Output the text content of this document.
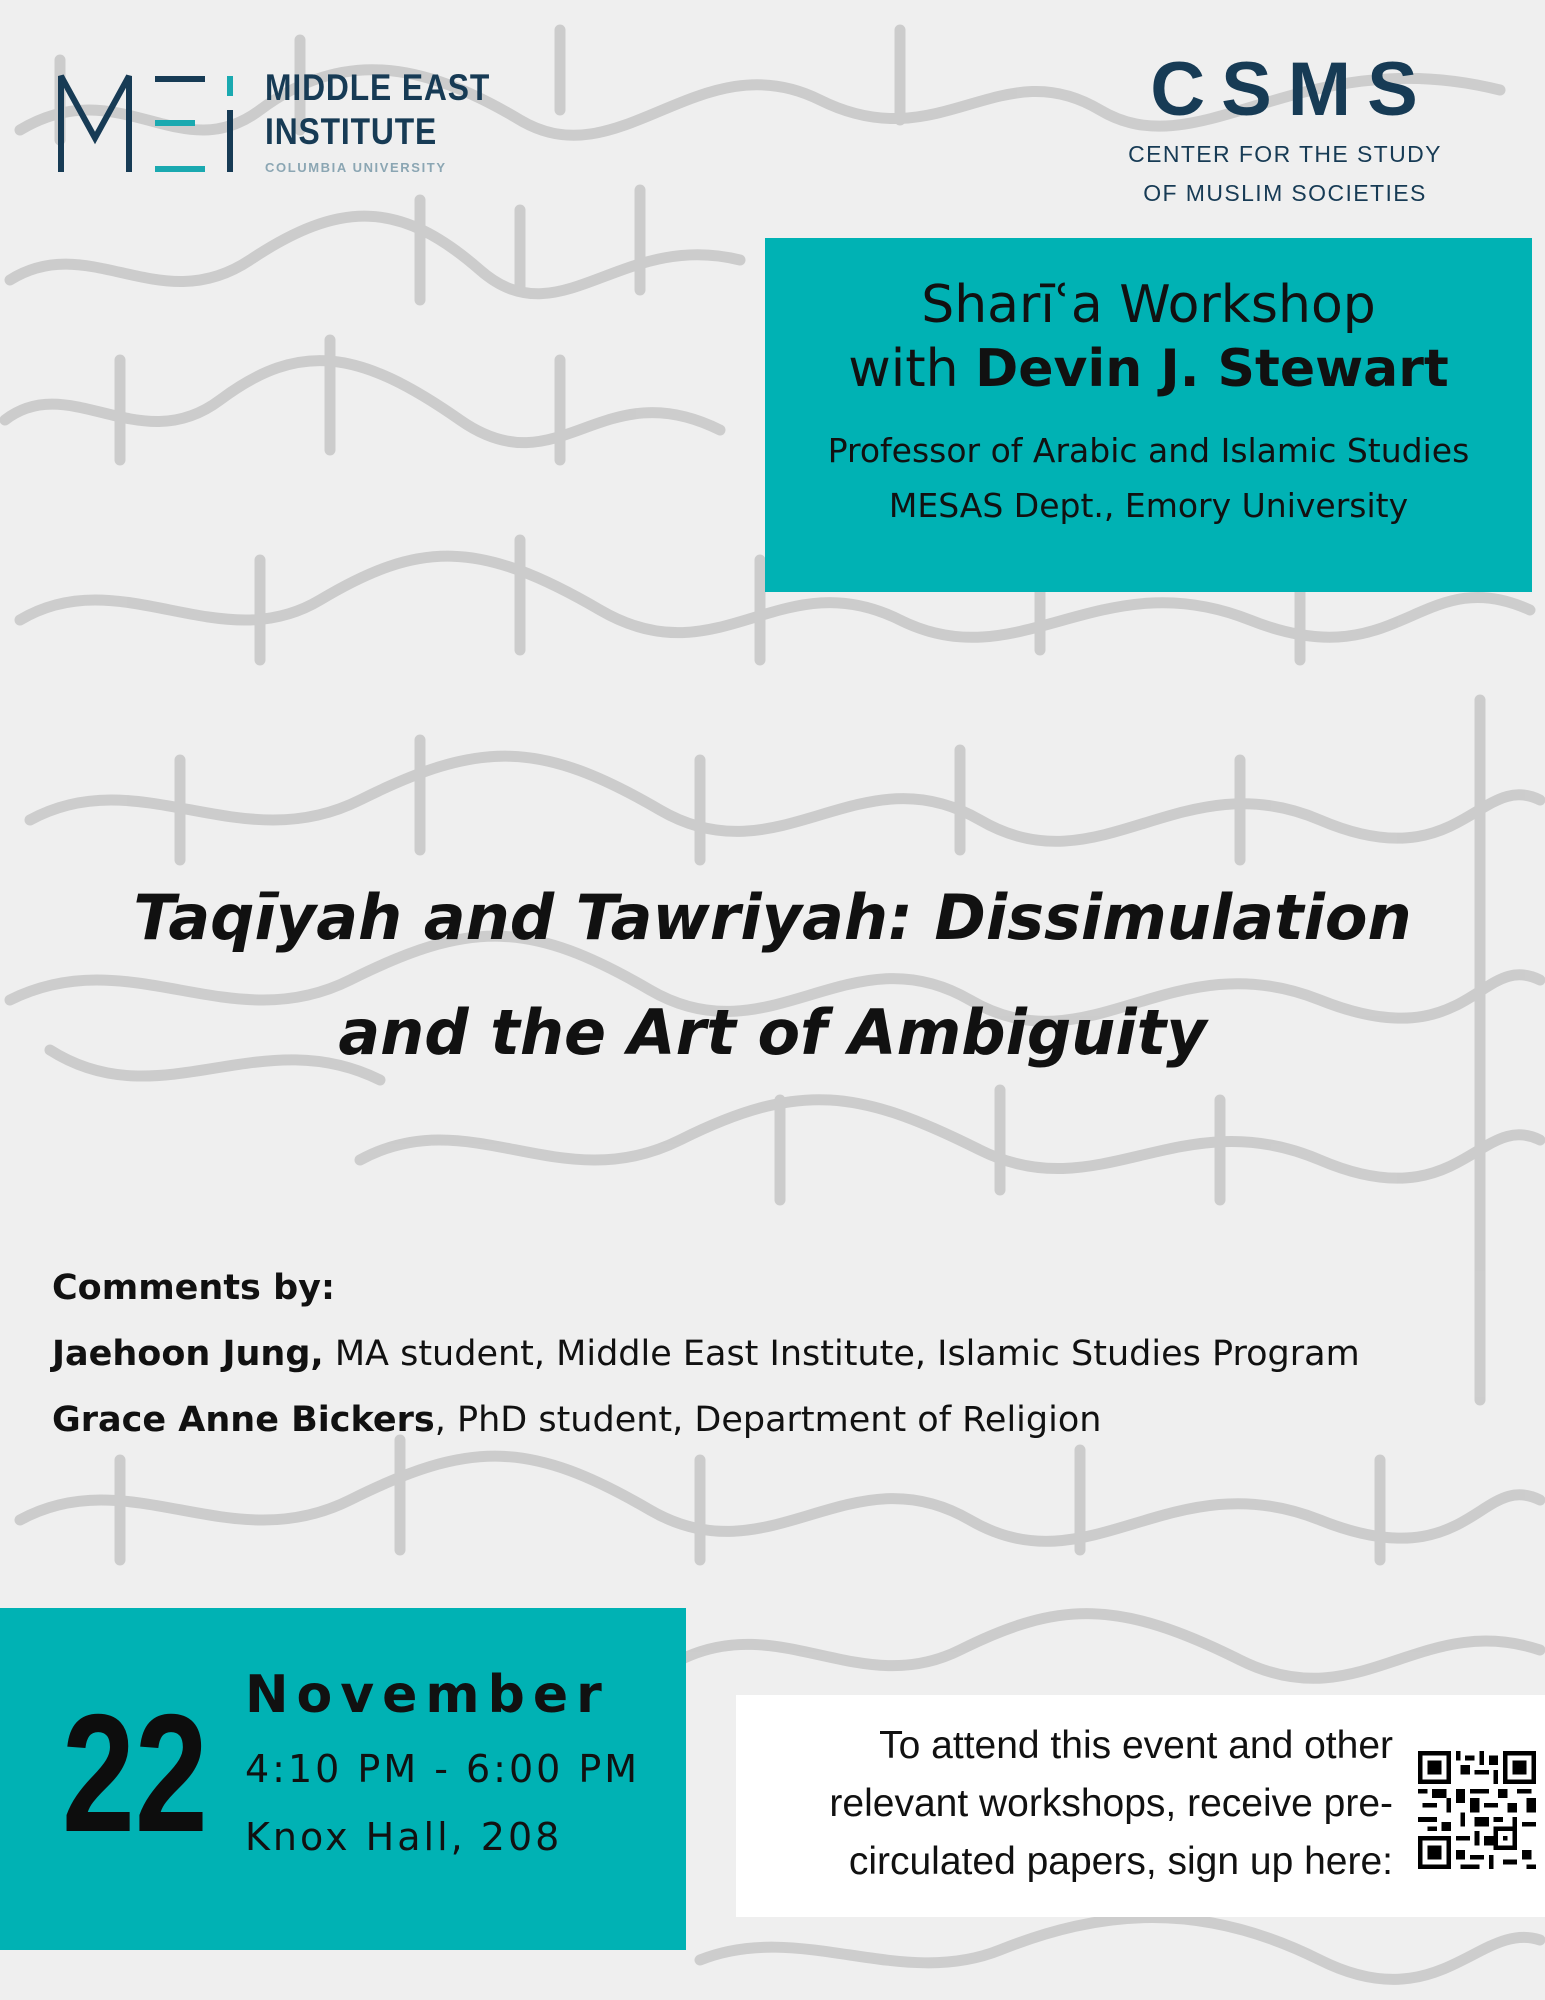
MIDDLE EAST
INSTITUTE
COLUMBIA UNIVERSITY
CSMS
CENTER FOR THE STUDY
OF MUSLIM SOCIETIES
Sharīʿa Workshop
with Devin J. Stewart
Professor of Arabic and Islamic Studies
MESAS Dept., Emory University
Taqīyah and Tawriyah: Dissimulation
and the Art of Ambiguity
Comments by:
Jaehoon Jung, MA student, Middle East Institute, Islamic Studies Program
Grace Anne Bickers, PhD student, Department of Religion
22 November
4:10 PM - 6:00 PM
Knox Hall, 208
To attend this event and other
relevant workshops, receive pre-
circulated papers, sign up here:
